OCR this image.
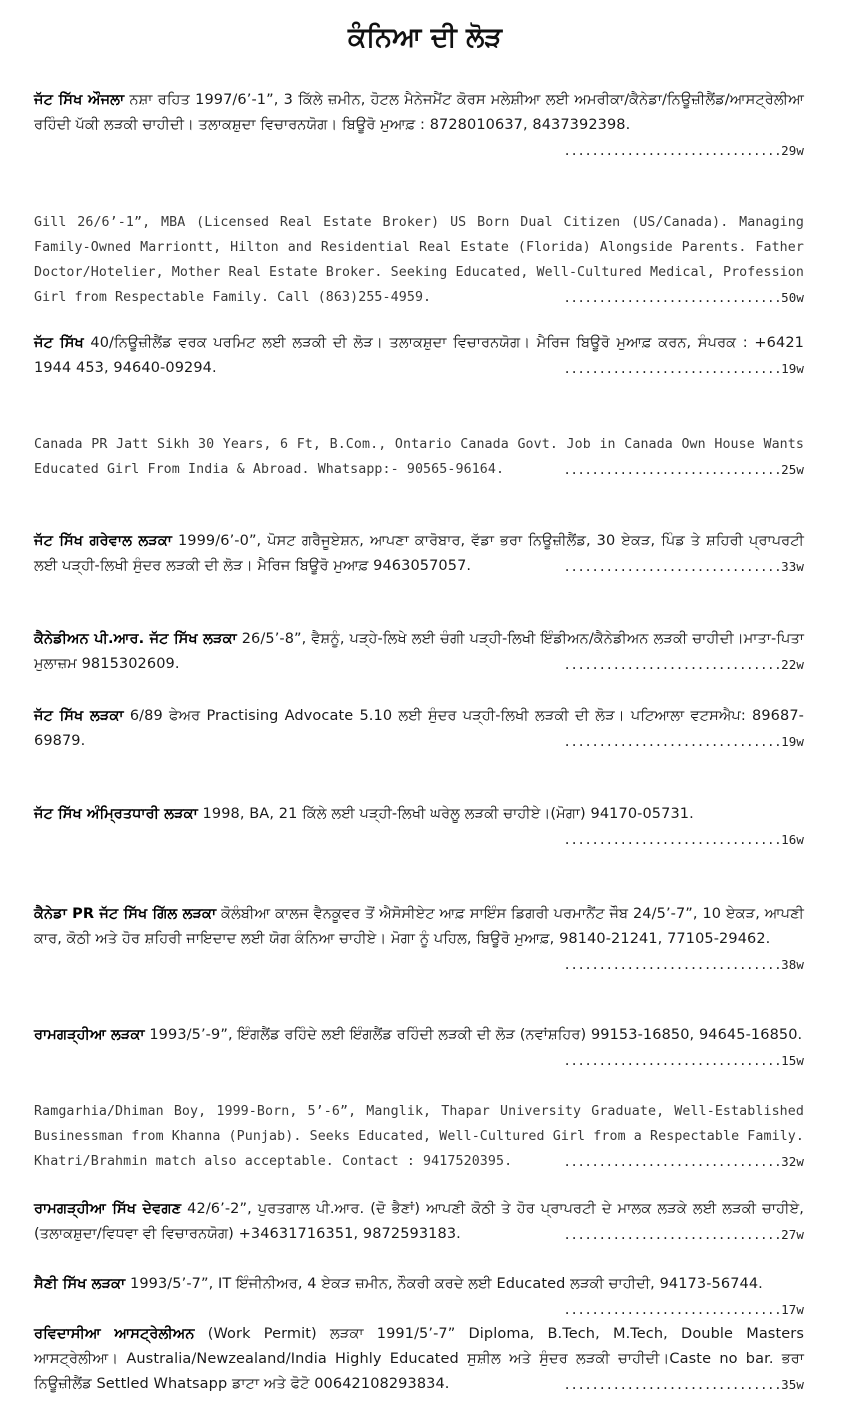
ਕੰਨਿਆ ਦੀ ਲੋੜ
ਜੱਟ ਸਿੱਖ ਔਜਲਾ ਨਸ਼ਾ ਰਹਿਤ 1997/6’-1”, 3 ਕਿੱਲੇ ਜ਼ਮੀਨ, ਹੋਟਲ ਮੈਨੇਜਮੈਂਟ ਕੋਰਸ ਮਲੇਸ਼ੀਆ ਲਈ ਅਮਰੀਕਾ/ਕੈਨੇਡਾ/ਨਿਊਜ਼ੀਲੈਂਡ/ਆਸਟ੍ਰੇਲੀਆ ਰਹਿੰਦੀ ਪੱਕੀ ਲੜਕੀ ਚਾਹੀਦੀ। ਤਲਾਕਸ਼ੁਦਾ ਵਿਚਾਰਨਯੋਗ। ਬਿਊਰੋ ਮੁਆਫ਼ : 8728010637, 8437392398.
...............................29w
Gill 26/6’-1”, MBA (Licensed Real Estate Broker) US Born Dual Citizen (US/Canada). Managing Family-Owned Marriontt, Hilton and Residential Real Estate (Florida) Alongside Parents. Father Doctor/Hotelier, Mother Real Estate Broker. Seeking Educated, Well-Cultured Medical, Profession Girl from Respectable Family. Call (863)255-4959.	...............................50w
ਜੱਟ ਸਿੱਖ 40/ਨਿਊਜ਼ੀਲੈਂਡ ਵਰਕ ਪਰਮਿਟ ਲਈ ਲੜਕੀ ਦੀ ਲੋੜ। ਤਲਾਕਸ਼ੁਦਾ ਵਿਚਾਰਨਯੋਗ। ਮੈਰਿਜ ਬਿਊਰੋ ਮੁਆਫ਼ ਕਰਨ, ਸੰਪਰਕ : +6421 1944 453, 94640-09294.	...............................19w
Canada PR Jatt Sikh 30 Years, 6 Ft, B.Com., Ontario Canada Govt. Job in Canada Own House Wants Educated Girl From India & Abroad. Whatsapp:- 90565-96164.	...............................25w
ਜੱਟ ਸਿੱਖ ਗਰੇਵਾਲ ਲੜਕਾ 1999/6’-0”, ਪੋਸਟ ਗਰੈਜੂਏਸ਼ਨ, ਆਪਣਾ ਕਾਰੋਬਾਰ, ਵੱਡਾ ਭਰਾ ਨਿਊਜ਼ੀਲੈਂਡ, 30 ਏਕੜ, ਪਿੰਡ ਤੇ ਸ਼ਹਿਰੀ ਪ੍ਰਾਪਰਟੀ ਲਈ ਪੜ੍ਹੀ-ਲਿਖੀ ਸੁੰਦਰ ਲੜਕੀ ਦੀ ਲੋੜ। ਮੈਰਿਜ ਬਿਊਰੋ ਮੁਆਫ਼ 9463057057.	...............................33w
ਕੈਨੇਡੀਅਨ ਪੀ.ਆਰ. ਜੱਟ ਸਿੱਖ ਲੜਕਾ 26/5’-8”, ਵੈਸ਼ਨੂੰ, ਪੜ੍ਹੇ-ਲਿਖੇ ਲਈ ਚੰਗੀ ਪੜ੍ਹੀ-ਲਿਖੀ ਇੰਡੀਅਨ/ਕੈਨੇਡੀਅਨ ਲੜਕੀ ਚਾਹੀਦੀ।ਮਾਤਾ-ਪਿਤਾ ਮੁਲਾਜ਼ਮ 9815302609.	...............................22w
ਜੱਟ ਸਿੱਖ ਲੜਕਾ 6/89 ਫੇਅਰ Practising Advocate 5.10 ਲਈ ਸੁੰਦਰ ਪੜ੍ਹੀ-ਲਿਖੀ ਲੜਕੀ ਦੀ ਲੋੜ। ਪਟਿਆਲਾ ਵਟਸਐਪ: 89687-69879.	...............................19w
ਜੱਟ ਸਿੱਖ ਅੰਮ੍ਰਿਤਧਾਰੀ ਲੜਕਾ 1998, BA, 21 ਕਿੱਲੇ ਲਈ ਪੜ੍ਹੀ-ਲਿਖੀ ਘਰੇਲੂ ਲੜਕੀ ਚਾਹੀਏ।(ਮੋਗਾ) 94170-05731.
...............................16w
ਕੈਨੇਡਾ PR ਜੱਟ ਸਿੱਖ ਗਿੱਲ ਲੜਕਾ ਕੋਲੰਬੀਆ ਕਾਲਜ ਵੈਨਕੂਵਰ ਤੋਂ ਐਸੋਸੀਏਟ ਆਫ਼ ਸਾਇੰਸ ਡਿਗਰੀ ਪਰਮਾਨੈਂਟ ਜੌਬ 24/5’-7”, 10 ਏਕੜ, ਆਪਣੀ ਕਾਰ, ਕੋਠੀ ਅਤੇ ਹੋਰ ਸ਼ਹਿਰੀ ਜਾਇਦਾਦ ਲਈ ਯੋਗ ਕੰਨਿਆ ਚਾਹੀਏ। ਮੋਗਾ ਨੂੰ ਪਹਿਲ, ਬਿਊਰੋ ਮੁਆਫ਼, 98140-21241, 77105-29462.
...............................38w
ਰਾਮਗੜ੍ਹੀਆ ਲੜਕਾ 1993/5’-9”, ਇੰਗਲੈਂਡ ਰਹਿੰਦੇ ਲਈ ਇੰਗਲੈਂਡ ਰਹਿੰਦੀ ਲੜਕੀ ਦੀ ਲੋੜ (ਨਵਾਂਸ਼ਹਿਰ) 99153-16850, 94645-16850.
...............................15w
Ramgarhia/Dhiman Boy, 1999-Born, 5’-6”, Manglik, Thapar University Graduate, Well-Established Businessman from Khanna (Punjab). Seeks Educated, Well-Cultured Girl from a Respectable Family. Khatri/Brahmin match also acceptable. Contact : 9417520395.	...............................32w
ਰਾਮਗੜ੍ਹੀਆ ਸਿੱਖ ਦੇਵਗਣ 42/6’-2”, ਪੁਰਤਗਾਲ ਪੀ.ਆਰ. (ਦੋ ਭੈਣਾਂ) ਆਪਣੀ ਕੋਠੀ ਤੇ ਹੋਰ ਪ੍ਰਾਪਰਟੀ ਦੇ ਮਾਲਕ ਲੜਕੇ ਲਈ ਲੜਕੀ ਚਾਹੀਏ, (ਤਲਾਕਸ਼ੁਦਾ/ਵਿਧਵਾ ਵੀ ਵਿਚਾਰਨਯੋਗ) +34631716351, 9872593183.	...............................27w
ਸੈਣੀ ਸਿੱਖ ਲੜਕਾ 1993/5’-7”, IT ਇੰਜੀਨੀਅਰ, 4 ਏਕੜ ਜ਼ਮੀਨ, ਨੌਕਰੀ ਕਰਦੇ ਲਈ Educated ਲੜਕੀ ਚਾਹੀਦੀ, 94173-56744.
...............................17w
ਰਵਿਦਾਸੀਆ ਆਸਟ੍ਰੇਲੀਅਨ (Work Permit) ਲੜਕਾ 1991/5’-7” Diploma, B.Tech, M.Tech, Double Masters ਆਸਟ੍ਰੇਲੀਆ। Australia/Newzealand/India Highly Educated ਸੁਸ਼ੀਲ ਅਤੇ ਸੁੰਦਰ ਲੜਕੀ ਚਾਹੀਦੀ।Caste no bar. ਭਰਾ ਨਿਊਜ਼ੀਲੈਂਡ Settled Whatsapp ਡਾਟਾ ਅਤੇ ਫੋਟੋ 00642108293834.	...............................35w
